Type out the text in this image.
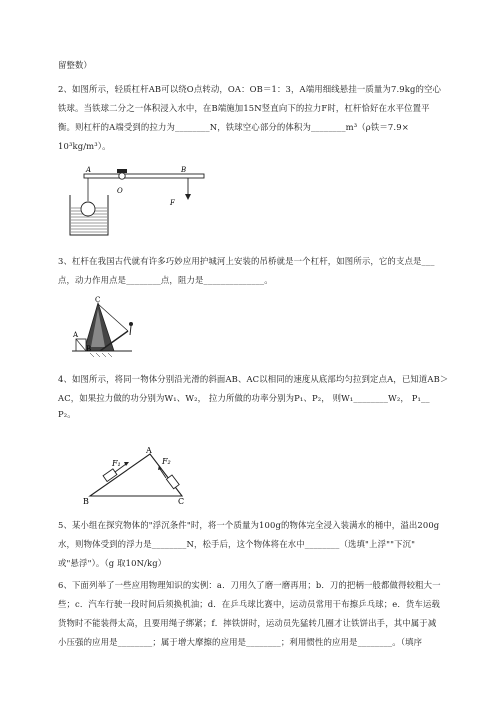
留整数）
2、如图所示，轻质杠杆AB可以绕O点转动，OA：OB＝1：3，A端用细线悬挂一质量为7.9kg的空心
铁球。当铁球二分之一体积浸入水中，在B端施加15N竖直向下的拉力F时，杠杆恰好在水平位置平
衡。则杠杆的A端受到的拉力为________N，铁球空心部分的体积为________m³（ρ铁＝7.9×
10³kg/m³）。
A	B
O
F
3、杠杆在我国古代就有许多巧妙应用护城河上安装的吊桥就是一个杠杆，如图所示，它的支点是___
点，动力作用点是________点，阻力是______________。
C
A
B
4、如图所示，将同一物体分别沿光滑的斜面AB、AC以相同的速度从底部均匀拉到定点A，已知道AB＞
AC，如果拉力做的功分别为W₁、W₂， 拉力所做的功率分别为P₁、P₂， 则W₁________W₂， P₁__
P₂。
A
B	C
F₁	F₂
5、某小组在探究物体的"浮沉条件"时，将一个质量为100g的物体完全浸入装满水的桶中，溢出200g
水，则物体受到的浮力是________N，松手后，这个物体将在水中________（选填"上浮""下沉"
或"悬浮"）。（g 取10N/kg）
6、下面列举了一些应用物理知识的实例：a．刀用久了磨一磨再用；b．刀的把柄一般都做得较粗大一
些；c．汽车行驶一段时间后须换机油；d．在乒乓球比赛中，运动员常用干布擦乒乓球；e．货车运载
货物时不能装得太高，且要用绳子绑紧；f．摔铁饼时，运动员先猛转几圈才让铁饼出手，其中属于减
小压强的应用是________；属于增大摩擦的应用是________；利用惯性的应用是________。（填序
